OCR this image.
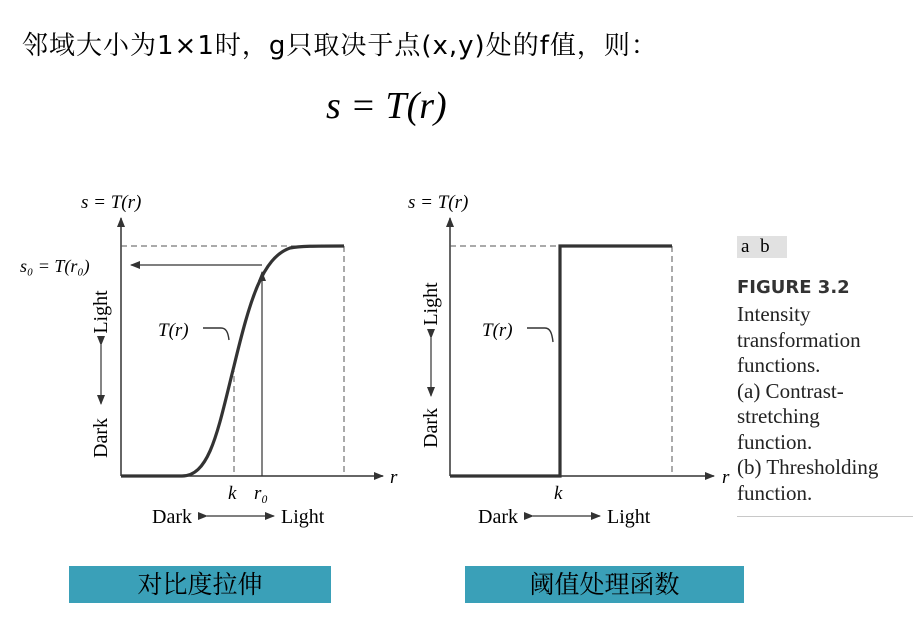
邻域大小为1×1时，g只取决于点(x,y)处的f值，则：
s = T(r)
s = T(r)
r
s₀ = T(r₀)
T(r)
k r₀
Light
Dark
Dark	Light
s = T(r)
r
T(r)
k
Light
Dark
Dark	Light
a b
FIGURE 3.2
Intensity
transformation
functions.
(a) Contrast-
stretching
function.
(b) Thresholding
function.
对比度拉伸	阈值处理函数
